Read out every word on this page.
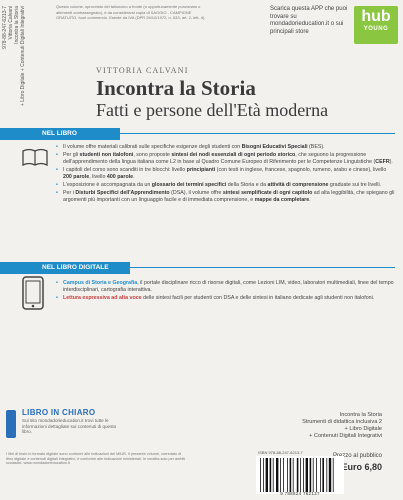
978-88-247-6213-7 Vittoria Calvani Incontra la Storia + Libro Digitale + Contenuti Digitali Integrativi	Questo volume, sprovvisto del talloncino a fronte (o opportunamente punzonato o altrimenti contrassegnato), è da considerarsi copia di SAGGIO - CAMPIONE GRATUITO, fuori commercio. Esente da IVA (DPR 26/10/1972, n. 633, art. 2, lett. d).
Scarica questa APP che puoi trovare su mondadorieducation.it o sui principali store
hub
YOUNG
VITTORIA CALVANI
Incontra la Storia
Fatti e persone dell'Età moderna
NEL LIBRO
• Il volume offre materiali calibrati sulle specifiche esigenze degli studenti con Bisogni Educativi Speciali (BES).
• Per gli studenti non italofoni, sono proposte sintesi dei nodi essenziali di ogni periodo storico, che seguono la progressione dell'apprendimento della lingua italiana come L2 in base al Quadro Comune Europeo di Riferimento per le Competenze Linguistiche (CEFR).
• I capitoli del corso sono scanditi in tre blocchi: livello principianti (con testi in inglese, francese, spagnolo, rumeno, arabo e cinese), livello 200 parole, livello 400 parole.
• L'esposizione è accompagnata da un glossario dei termini specifici della Storia e da attività di comprensione graduate sui tre livelli.
• Per i Disturbi Specifici dell'Apprendimento (DSA), il volume offre sintesi semplificate di ogni capitolo ad alta leggibilità, che spiegano gli argomenti più importanti con un linguaggio facile e di immediata comprensione, e mappe da completare.
NEL LIBRO DIGITALE
• Campus di Storia e Geografia, il portale disciplinare ricco di risorse digitali, come Lezioni LIM, video, laboratori multimediali, linee del tempo interdisciplinari, cartografia interattiva.
• Lettura espressiva ad alta voce delle sintesi facili per studenti con DSA e delle sintesi in italiano dedicate agli studenti non italofoni.
LIBRO IN CHIARO
Sul sito mondadorieducation.it trovi tutte le informazioni dettagliate sui contenuti di questo libro.
I libri di testo in formato digitale sono conformi alle indicazioni del MIUR. Il presente volume, corredato di libro digitale e contenuti digitali integrativi, è conforme alle indicazioni ministeriali. In vendita solo per ambiti scolastici. www.mondadorieducation.it
Incontra la Storia
Strumenti di didattica inclusiva 2
+ Libro Digitale
+ Contenuti Digitali Integrativi
ISBN 978-88-247-6213-7
Prezzo al pubblico
Euro 6,80
9 788824 762137
